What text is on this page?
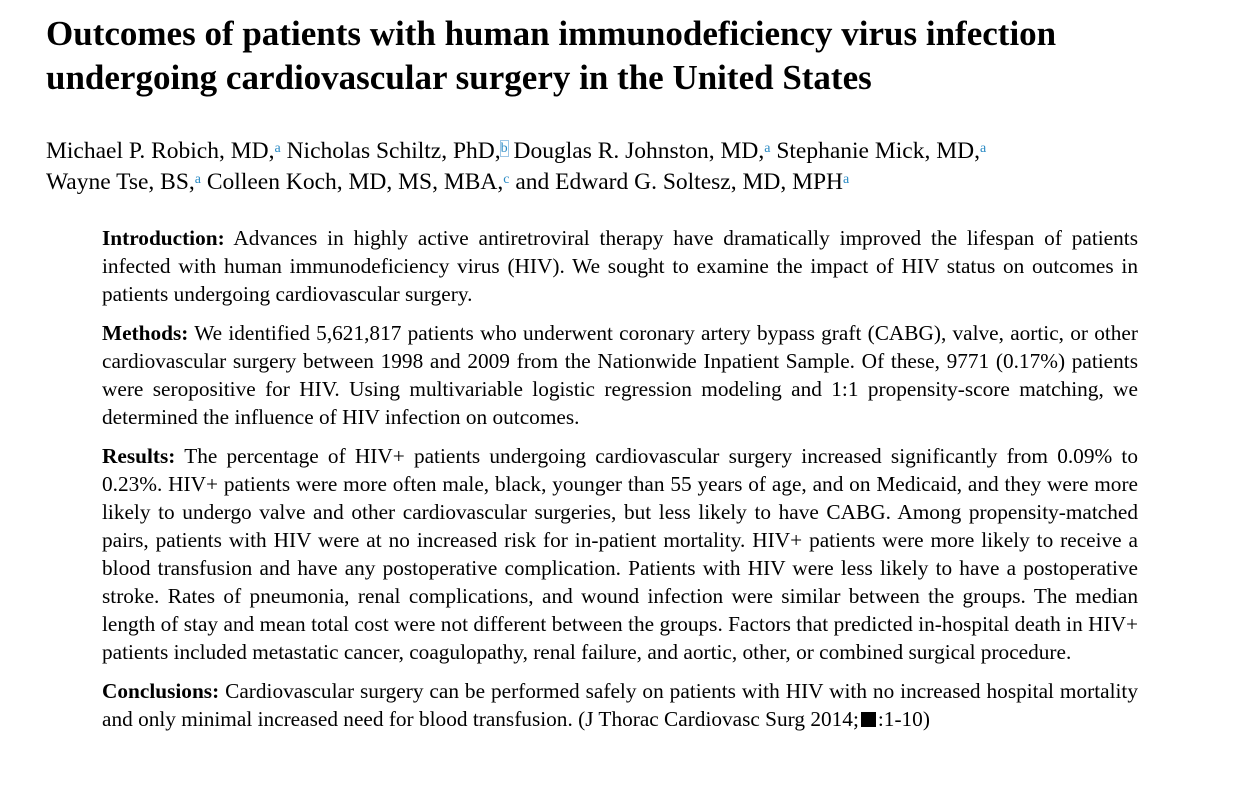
Outcomes of patients with human immunodeficiency virus infection undergoing cardiovascular surgery in the United States
Michael P. Robich, MD,$^a$ Nicholas Schiltz, PhD,$^b$ Douglas R. Johnston, MD,$^a$ Stephanie Mick, MD,$^a$
Wayne Tse, BS,$^a$ Colleen Koch, MD, MS, MBA,$^c$ and Edward G. Soltesz, MD, MPH$^a$

Introduction: Advances in highly active antiretroviral therapy have dramatically improved the lifespan of patients infected with human immunodeficiency virus (HIV). We sought to examine the impact of HIV status on outcomes in patients undergoing cardiovascular surgery.

Methods: We identified 5,621,817 patients who underwent coronary artery bypass graft (CABG), valve, aortic, or other cardiovascular surgery between 1998 and 2009 from the Nationwide Inpatient Sample. Of these, 9771 (0.17%) patients were seropositive for HIV. Using multivariable logistic regression modeling and 1:1 propensity-score matching, we determined the influence of HIV infection on outcomes.

Results: The percentage of HIV+ patients undergoing cardiovascular surgery increased significantly from 0.09% to 0.23%. HIV+ patients were more often male, black, younger than 55 years of age, and on Medicaid, and they were more likely to undergo valve and other cardiovascular surgeries, but less likely to have CABG. Among propensity-matched pairs, patients with HIV were at no increased risk for in-patient mortality. HIV+ patients were more likely to receive a blood transfusion and have any postoperative complication. Patients with HIV were less likely to have a postoperative stroke. Rates of pneumonia, renal complications, and wound infection were similar between the groups. The median length of stay and mean total cost were not different between the groups. Factors that predicted in-hospital death in HIV+ patients included metastatic cancer, coagulopathy, renal failure, and aortic, other, or combined surgical procedure.

Conclusions: Cardiovascular surgery can be performed safely on patients with HIV with no increased hospital mortality and only minimal increased need for blood transfusion. (J Thorac Cardiovasc Surg 2014; :1-10)
